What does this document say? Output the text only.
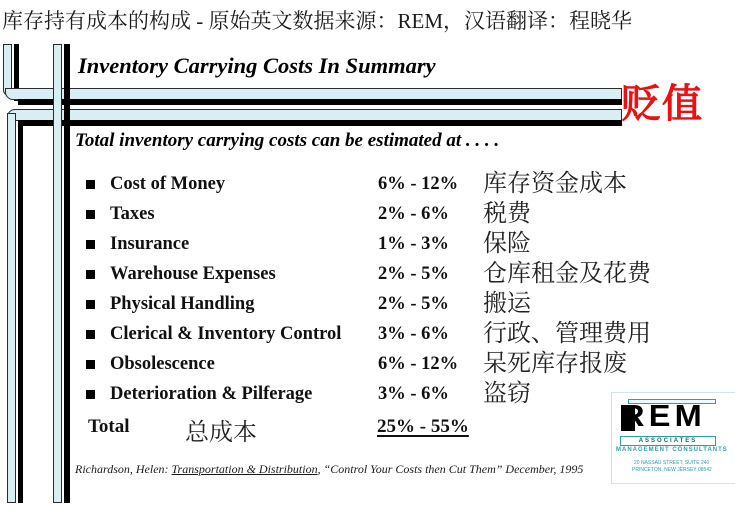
库存持有成本的构成 - 原始英文数据来源：REM，汉语翻译：程晓华
Inventory Carrying Costs In Summary
贬值
Total inventory carrying costs can be estimated at . . . .
Cost of Money	6% - 12% 库存资金成本
Taxes	2% - 6% 税费
Insurance	1% - 3% 保险
Warehouse Expenses	2% - 5% 仓库租金及花费
Physical Handling	2% - 5% 搬运
Clerical & Inventory Control 3% - 6% 行政、管理费用
Obsolescence	6% - 12% 呆死库存报废
Deterioration & Pilferage	3% - 6% 盗窃
Total 总成本	25% - 55%
Richardson, Helen: Transportation & Distribution, “Control Your Costs then Cut Them” December, 1995
REM
ASSOCIATES
MANAGEMENT CONSULTANTS
20 NASSAU STREET, SUITE 240
PRINCETON, NEW JERSEY 08542
